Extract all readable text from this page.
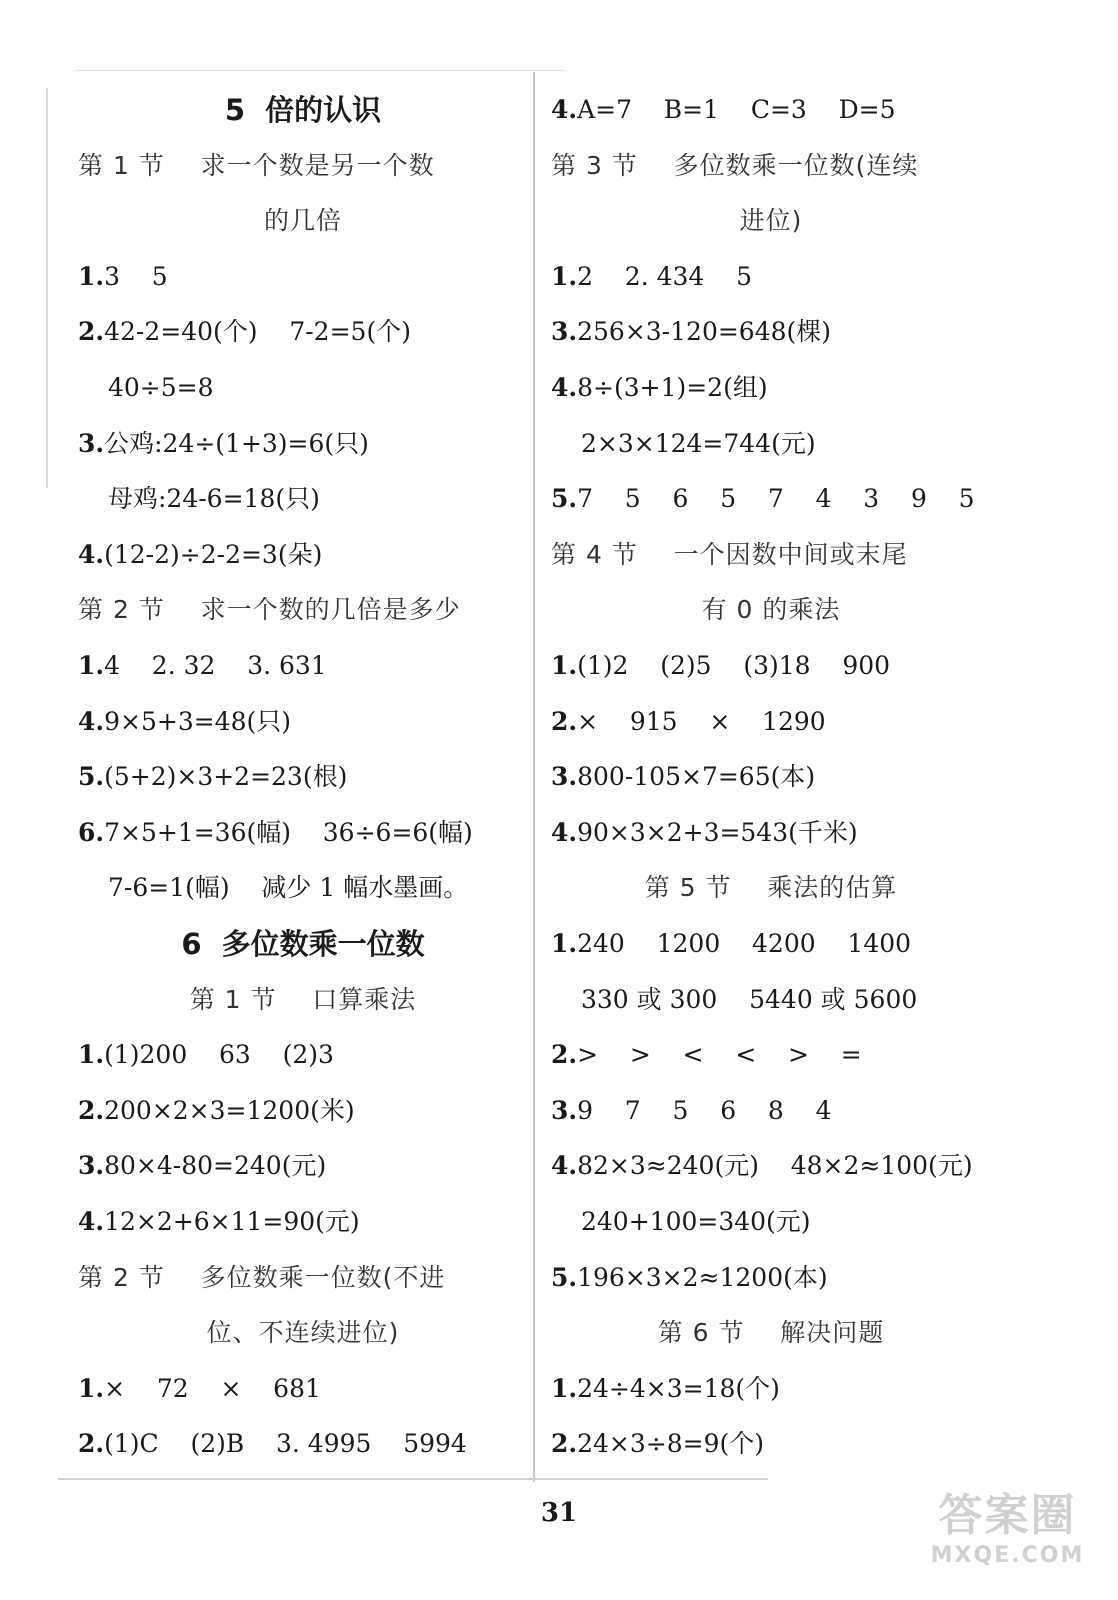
5  倍的认识
第 1 节    求一个数是另一个数
的几倍
1.3    5
2.42-2=40(个)    7-2=5(个)
40÷5=8
3.公鸡:24÷(1+3)=6(只)
母鸡:24-6=18(只)
4.(12-2)÷2-2=3(朵)
第 2 节    求一个数的几倍是多少
1.4    2. 32    3. 631
4.9×5+3=48(只)
5.(5+2)×3+2=23(根)
6.7×5+1=36(幅)    36÷6=6(幅)
7-6=1(幅)    减少 1 幅水墨画。
6  多位数乘一位数
第 1 节    口算乘法
1.(1)200    63    (2)3
2.200×2×3=1200(米)
3.80×4-80=240(元)
4.12×2+6×11=90(元)
第 2 节    多位数乘一位数(不进
位、不连续进位)
1.×    72    ×    681
2.(1)C    (2)B    3. 4995    5994
4.A=7    B=1    C=3    D=5
第 3 节    多位数乘一位数(连续
进位)
1.2    2. 434    5
3.256×3-120=648(棵)
4.8÷(3+1)=2(组)
2×3×124=744(元)
5.7    5    6    5    7    4    3    9    5
第 4 节    一个因数中间或末尾
有 0 的乘法
1.(1)2    (2)5    (3)18    900
2.×    915    ×    1290
3.800-105×7=65(本)
4.90×3×2+3=543(千米)
第 5 节    乘法的估算
1.240    1200    4200    1400
330 或 300    5440 或 5600
2.>    >    <    <    >    =
3.9    7    5    6    8    4
4.82×3≈240(元)    48×2≈100(元)
240+100=340(元)
5.196×3×2≈1200(本)
第 6 节    解决问题
1.24÷4×3=18(个)
2.24×3÷8=9(个)
31	答案圈
MXQE.COM
